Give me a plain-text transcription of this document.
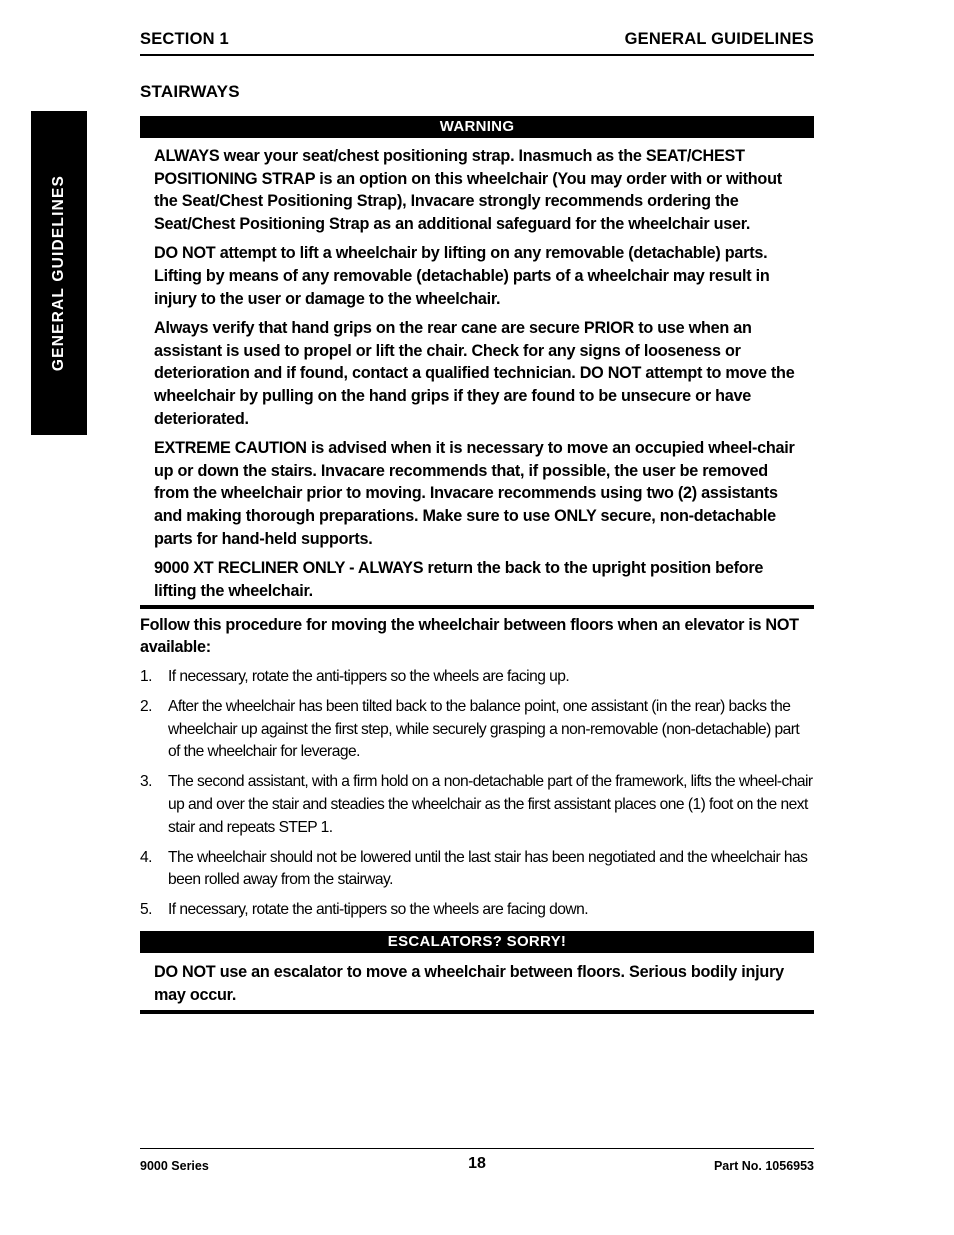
SECTION 1	GENERAL GUIDELINES
GENERAL GUIDELINES
STAIRWAYS
WARNING

ALWAYS wear your seat/chest positioning strap. Inasmuch as the SEAT/CHEST POSITIONING STRAP is an option on this wheelchair (You may order with or without the Seat/Chest Positioning Strap), Invacare strongly recommends ordering the Seat/Chest Positioning Strap as an additional safeguard for the wheelchair user.

DO NOT attempt to lift a wheelchair by lifting on any removable (detachable) parts. Lifting by means of any removable (detachable) parts of a wheelchair may result in injury to the user or damage to the wheelchair.

Always verify that hand grips on the rear cane are secure PRIOR to use when an assistant is used to propel or lift the chair. Check for any signs of looseness or deterioration and if found, contact a qualified technician. DO NOT attempt to move the wheelchair by pulling on the hand grips if they are found to be unsecure or have deteriorated.

EXTREME CAUTION is advised when it is necessary to move an occupied wheel-chair up or down the stairs. Invacare recommends that, if possible, the user be removed from the wheelchair prior to moving. Invacare recommends using two (2) assistants and making thorough preparations. Make sure to use ONLY secure, non-detachable parts for hand-held supports.

9000 XT RECLINER ONLY - ALWAYS return the back to the upright position before lifting the wheelchair.

Follow this procedure for moving the wheelchair between floors when an elevator is NOT available:
1. If necessary, rotate the anti-tippers so the wheels are facing up.
2. After the wheelchair has been tilted back to the balance point, one assistant (in the rear) backs the wheelchair up against the first step, while securely grasping a non-removable (non-detachable) part of the wheelchair for leverage.
3. The second assistant, with a firm hold on a non-detachable part of the framework, lifts the wheel-chair up and over the stair and steadies the wheelchair as the first assistant places one (1) foot on the next stair and repeats STEP 1.
4. The wheelchair should not be lowered until the last stair has been negotiated and the wheelchair has been rolled away from the stairway.
5. If necessary, rotate the anti-tippers so the wheels are facing down.
ESCALATORS? SORRY!
DO NOT use an escalator to move a wheelchair between floors. Serious bodily injury may occur.
9000 Series	18	Part No. 1056953
